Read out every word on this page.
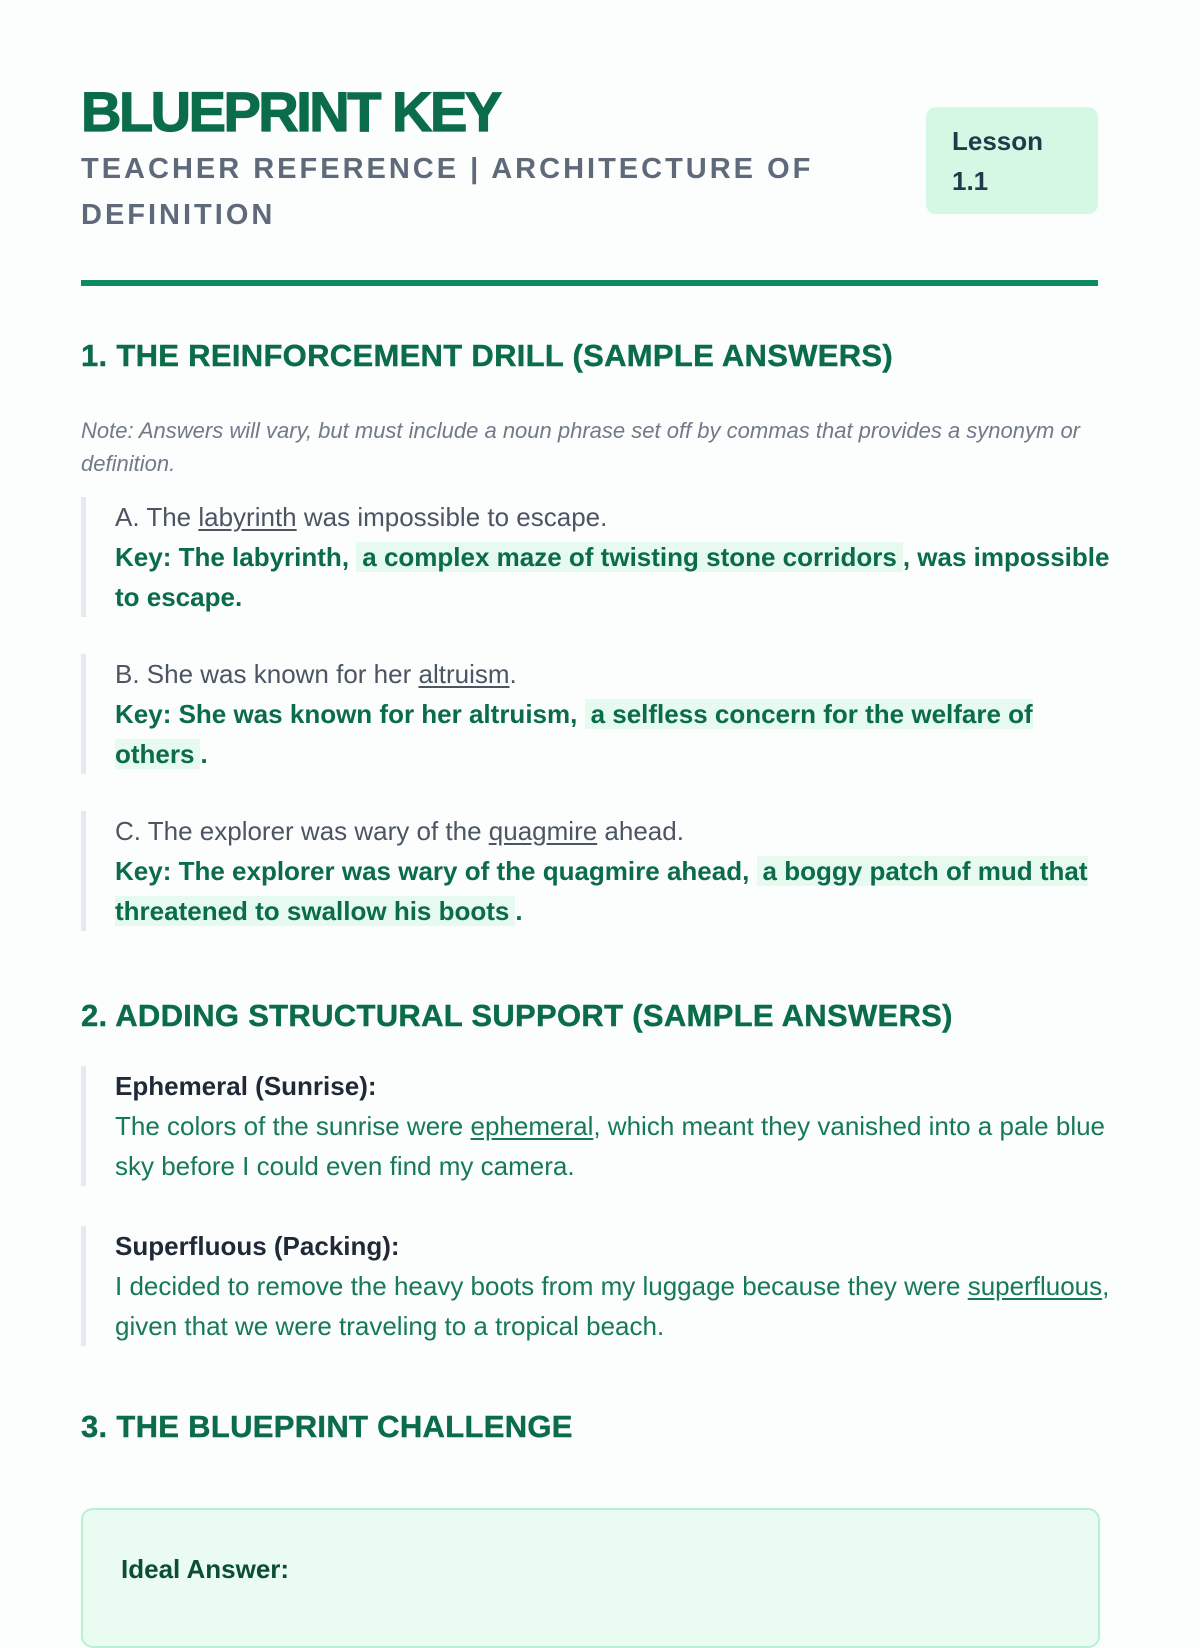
BLUEPRINT KEY
TEACHER REFERENCE | ARCHITECTURE OF DEFINITION
Lesson
1.1
1. THE REINFORCEMENT DRILL (SAMPLE ANSWERS)
Note: Answers will vary, but must include a noun phrase set off by commas that provides a synonym or definition.
A. The labyrinth was impossible to escape.
Key: The labyrinth, a complex maze of twisting stone corridors , was impossible to escape.
B. She was known for her altruism.
Key: She was known for her altruism, a selfless concern for the welfare of others .
C. The explorer was wary of the quagmire ahead.
Key: The explorer was wary of the quagmire ahead, a boggy patch of mud that threatened to swallow his boots .
2. ADDING STRUCTURAL SUPPORT (SAMPLE ANSWERS)
Ephemeral (Sunrise):
The colors of the sunrise were ephemeral, which meant they vanished into a pale blue sky before I could even find my camera.
Superfluous (Packing):
I decided to remove the heavy boots from my luggage because they were superfluous, given that we were traveling to a tropical beach.
3. THE BLUEPRINT CHALLENGE
Ideal Answer:
